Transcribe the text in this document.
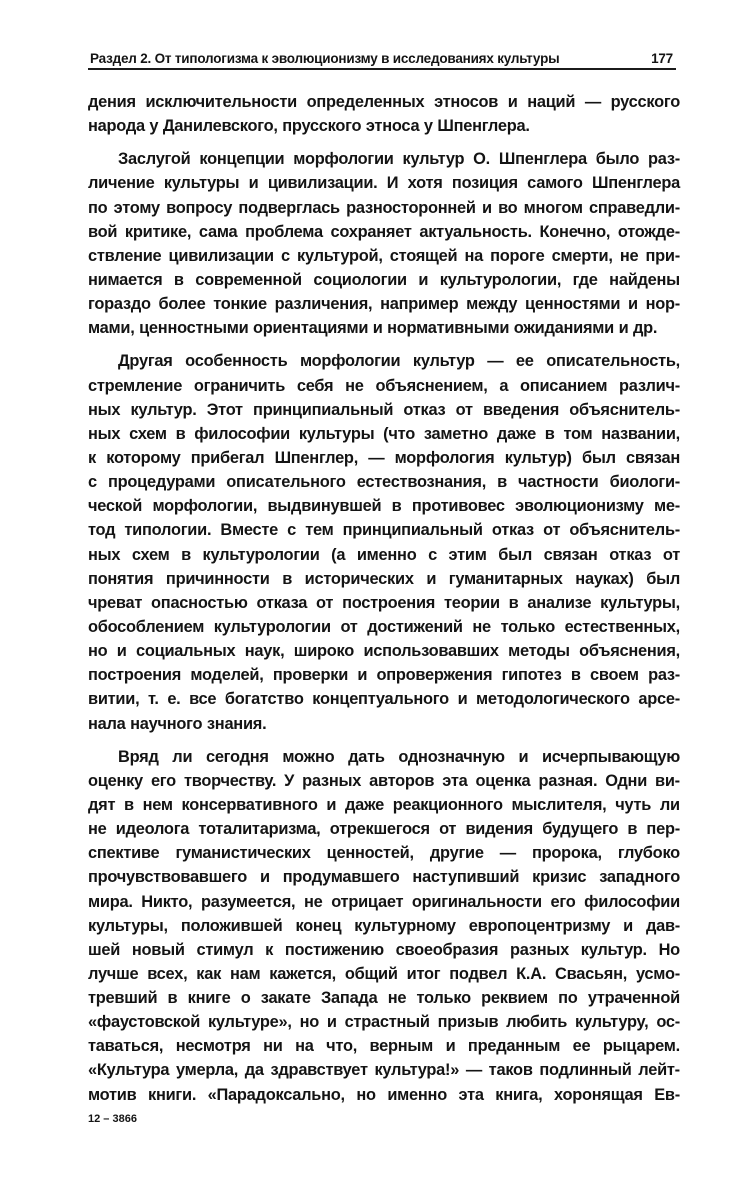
Раздел 2. От типологизма к эволюционизму в исследованиях культуры	177
дения исключительности определенных этносов и наций — русского
народа у Данилевского, прусского этноса у Шпенглера.
Заслугой концепции морфологии культур О. Шпенглера было раз-
личение культуры и цивилизации. И хотя позиция самого Шпенглера
по этому вопросу подверглась разносторонней и во многом справедли-
вой критике, сама проблема сохраняет актуальность. Конечно, отожде-
ствление цивилизации с культурой, стоящей на пороге смерти, не при-
нимается в современной социологии и культурологии, где найдены
гораздо более тонкие различения, например между ценностями и нор-
мами, ценностными ориентациями и нормативными ожиданиями и др.
Другая особенность морфологии культур — ее описательность,
стремление ограничить себя не объяснением, а описанием различ-
ных культур. Этот принципиальный отказ от введения объяснитель-
ных схем в философии культуры (что заметно даже в том названии,
к которому прибегал Шпенглер, — морфология культур) был связан
с процедурами описательного естествознания, в частности биологи-
ческой морфологии, выдвинувшей в противовес эволюционизму ме-
тод типологии. Вместе с тем принципиальный отказ от объяснитель-
ных схем в культурологии (а именно с этим был связан отказ от
понятия причинности в исторических и гуманитарных науках) был
чреват опасностью отказа от построения теории в анализе культуры,
обособлением культурологии от достижений не только естественных,
но и социальных наук, широко использовавших методы объяснения,
построения моделей, проверки и опровержения гипотез в своем раз-
витии, т. е. все богатство концептуального и методологического арсе-
нала научного знания.
Вряд ли сегодня можно дать однозначную и исчерпывающую
оценку его творчеству. У разных авторов эта оценка разная. Одни ви-
дят в нем консервативного и даже реакционного мыслителя, чуть ли
не идеолога тоталитаризма, отрекшегося от видения будущего в пер-
спективе гуманистических ценностей, другие — пророка, глубоко
прочувствовавшего и продумавшего наступивший кризис западного
мира. Никто, разумеется, не отрицает оригинальности его философии
культуры, положившей конец культурному европоцентризму и дав-
шей новый стимул к постижению своеобразия разных культур. Но
лучше всех, как нам кажется, общий итог подвел К.А. Свасьян, усмо-
тревший в книге о закате Запада не только реквием по утраченной
«фаустовской культуре», но и страстный призыв любить культуру, ос-
таваться, несмотря ни на что, верным и преданным ее рыцарем.
«Культура умерла, да здравствует культура!» — таков подлинный лейт-
мотив книги. «Парадоксально, но именно эта книга, хоронящая Ев-
12 – 3866
